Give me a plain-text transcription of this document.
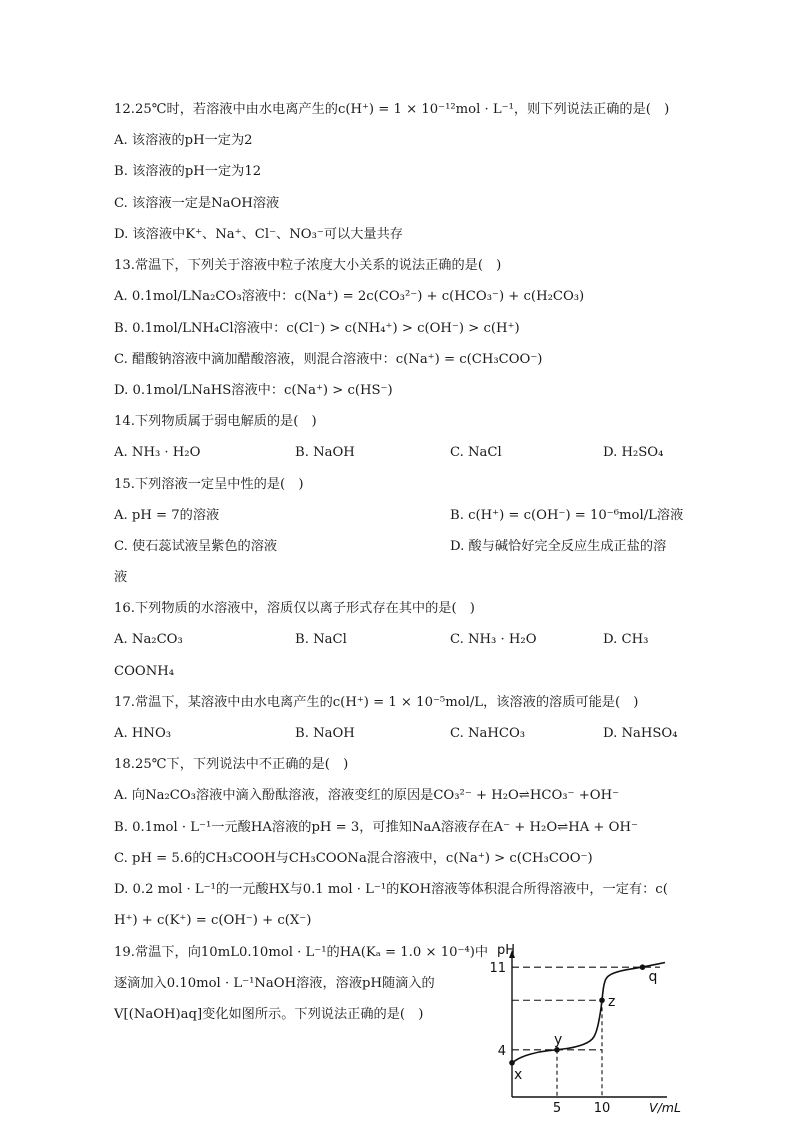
12.25℃时，若溶液中由水电离产生的c(H⁺) = 1 × 10⁻¹²mol · L⁻¹，则下列说法正确的是(　)
A. 该溶液的pH一定为2
B. 该溶液的pH一定为12
C. 该溶液一定是NaOH溶液
D. 该溶液中K⁺、Na⁺、Cl⁻、NO₃⁻可以大量共存
13.常温下，下列关于溶液中粒子浓度大小关系的说法正确的是(　)
A. 0.1mol/LNa₂CO₃溶液中：c(Na⁺) = 2c(CO₃²⁻) + c(HCO₃⁻) + c(H₂CO₃)
B. 0.1mol/LNH₄Cl溶液中：c(Cl⁻) > c(NH₄⁺) > c(OH⁻) > c(H⁺)
C. 醋酸钠溶液中滴加醋酸溶液，则混合溶液中：c(Na⁺) = c(CH₃COO⁻)
D. 0.1mol/LNaHS溶液中：c(Na⁺) > c(HS⁻)
14.下列物质属于弱电解质的是(　)
A. NH₃ · H₂O	B. NaOH	C. NaCl	D. H₂SO₄
15.下列溶液一定呈中性的是(　)
A. pH = 7的溶液	B. c(H⁺) = c(OH⁻) = 10⁻⁶mol/L溶液
C. 使石蕊试液呈紫色的溶液	D. 酸与碱恰好完全反应生成正盐的溶
液
16.下列物质的水溶液中，溶质仅以离子形式存在其中的是(　)
A. Na₂CO₃	B. NaCl	C. NH₃ · H₂O	D. CH₃
COONH₄
17.常温下，某溶液中由水电离产生的c(H⁺) = 1 × 10⁻⁵mol/L，该溶液的溶质可能是(　)
A. HNO₃	B. NaOH	C. NaHCO₃	D. NaHSO₄
18.25℃下，下列说法中不正确的是(　)
A. 向Na₂CO₃溶液中滴入酚酞溶液，溶液变红的原因是CO₃²⁻ + H₂O⇌HCO₃⁻ +OH⁻
B. 0.1mol · L⁻¹一元酸HA溶液的pH = 3，可推知NaA溶液存在A⁻ + H₂O⇌HA + OH⁻
C. pH = 5.6的CH₃COOH与CH₃COONa混合溶液中，c(Na⁺) > c(CH₃COO⁻)
D. 0.2 mol · L⁻¹的一元酸HX与0.1 mol · L⁻¹的KOH溶液等体积混合所得溶液中，一定有：c(
H⁺) + c(K⁺) = c(OH⁻) + c(X⁻)
19.常温下，向10mL0.10mol · L⁻¹的HA(Kₐ = 1.0 × 10⁻⁴)中
逐滴加入0.10mol · L⁻¹NaOH溶液，溶液pH随滴入的
V[(NaOH)aq]变化如图所示。下列说法正确的是(　)
x
y
z
q
4
11
5	10
pH
V/mL
